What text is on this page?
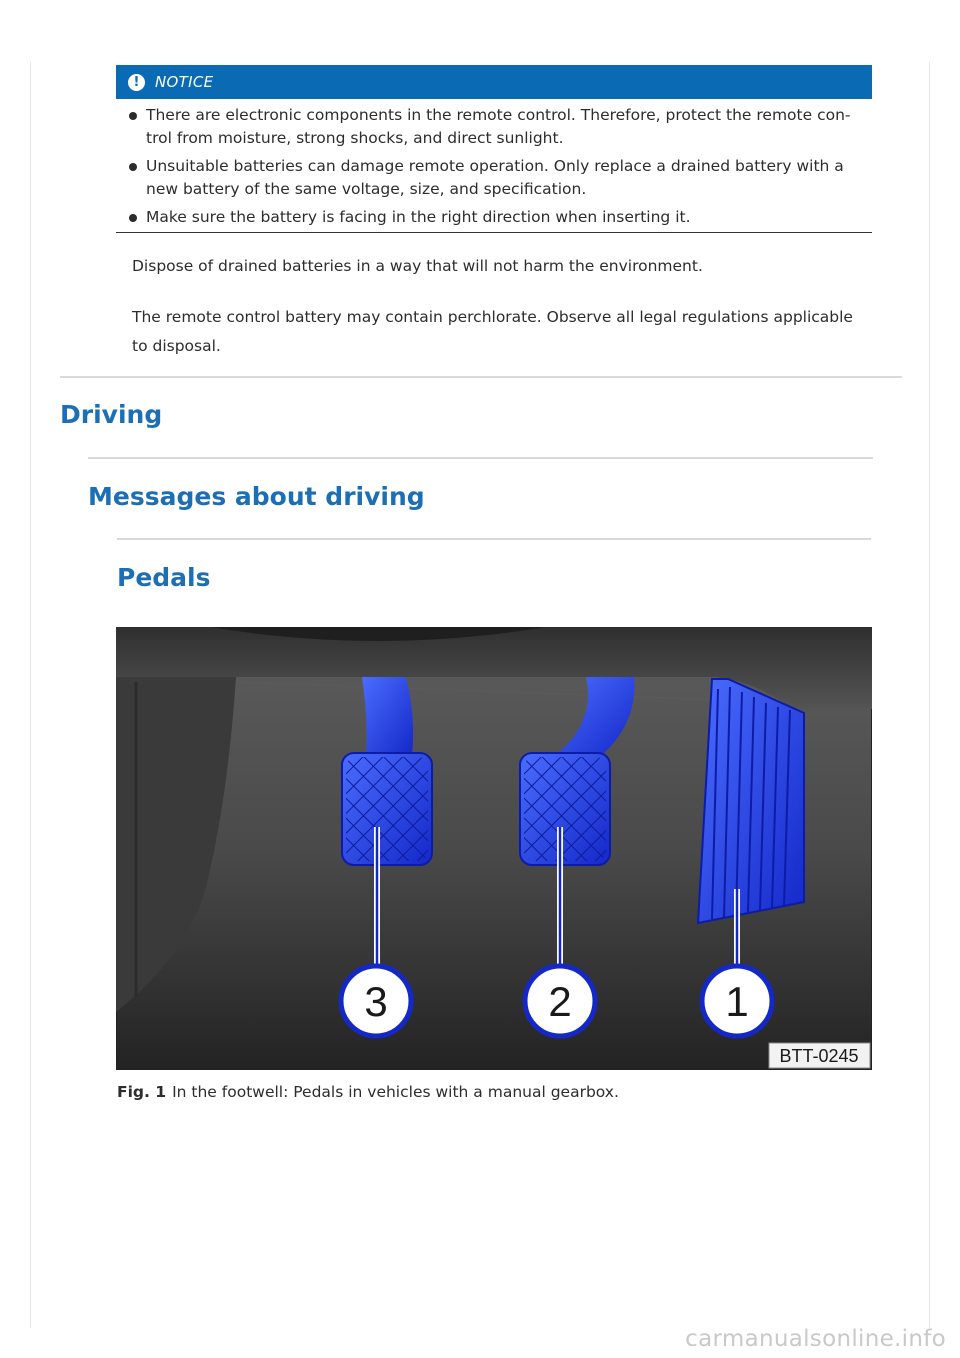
!	NOTICE
There are electronic components in the remote control. Therefore, protect the remote con-trol from moisture, strong shocks, and direct sunlight.
Unsuitable batteries can damage remote operation. Only replace a drained battery with a new battery of the same voltage, size, and specification.
Make sure the battery is facing in the right direction when inserting it.

Dispose of drained batteries in a way that will not harm the environment.

The remote control battery may contain perchlorate. Observe all legal regulations applicable to disposal.

Driving
Messages about driving
Pedals
3	2	1
BTT-0245

Fig. 1 In the footwell: Pedals in vehicles with a manual gearbox.

carmanualsonline.info
